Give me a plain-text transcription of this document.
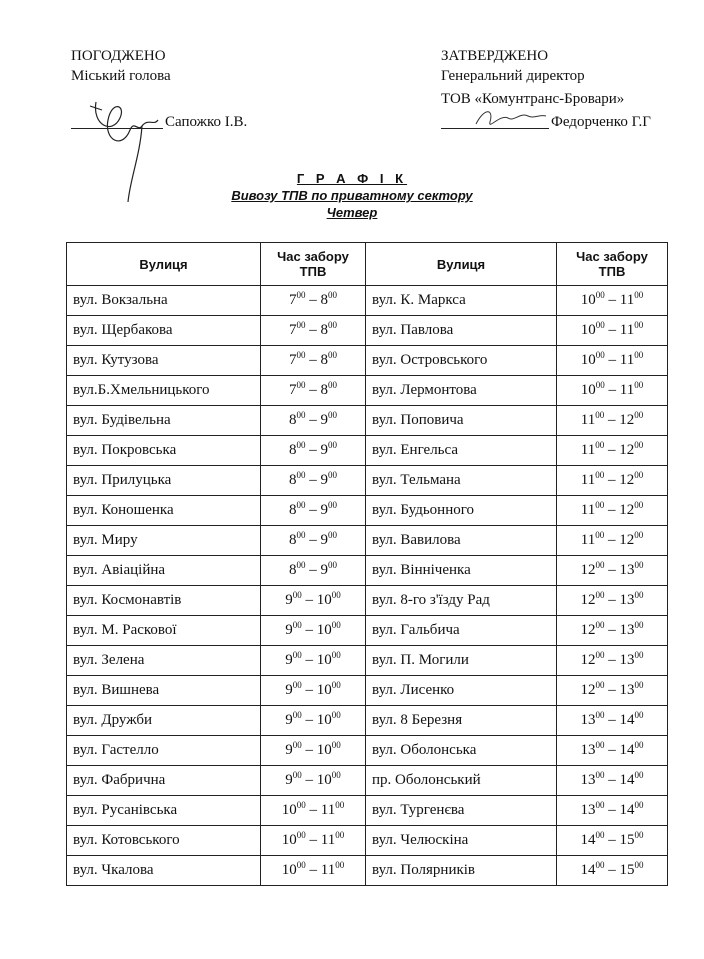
ПОГОДЖЕНО
Міський голова
Сапожко І.В.
ЗАТВЕРДЖЕНО
Генеральний директор
ТОВ «Комунтранс-Бровари»
Федорченко Г.Г
Г Р А Ф І К
Вивозу ТПВ по приватному сектору
Четвер
Вулиця	Час забору ТПВ	Вулиця	Час забору ТПВ
вул. Вокзальна	$7^{00} - 8^{00}$	вул. К. Маркса	$10^{00} - 11^{00}$
вул. Щербакова	$7^{00} - 8^{00}$	вул. Павлова	$10^{00} - 11^{00}$
вул. Кутузова	$7^{00} - 8^{00}$	вул. Островського	$10^{00} - 11^{00}$
вул.Б.Хмельницького	$7^{00} - 8^{00}$	вул. Лермонтова	$10^{00} - 11^{00}$
вул. Будівельна	$8^{00} - 9^{00}$	вул. Поповича	$11^{00} - 12^{00}$
вул. Покровська	$8^{00} - 9^{00}$	вул. Енгельса	$11^{00} - 12^{00}$
вул. Прилуцька	$8^{00} - 9^{00}$	вул. Тельмана	$11^{00} - 12^{00}$
вул. Коношенка	$8^{00} - 9^{00}$	вул. Будьонного	$11^{00} - 12^{00}$
вул. Миру	$8^{00} - 9^{00}$	вул. Вавилова	$11^{00} - 12^{00}$
вул. Авіаційна	$8^{00} - 9^{00}$	вул. Вінніченка	$12^{00} - 13^{00}$
вул. Космонавтів	$9^{00} - 10^{00}$	вул. 8-го з'їзду Рад	$12^{00} - 13^{00}$
вул. М. Раскової	$9^{00} - 10^{00}$	вул. Гальбича	$12^{00} - 13^{00}$
вул. Зелена	$9^{00} - 10^{00}$	вул. П. Могили	$12^{00} - 13^{00}$
вул. Вишнева	$9^{00} - 10^{00}$	вул. Лисенко	$12^{00} - 13^{00}$
вул. Дружби	$9^{00} - 10^{00}$	вул. 8 Березня	$13^{00} - 14^{00}$
вул. Гастелло	$9^{00} - 10^{00}$	вул. Оболонська	$13^{00} - 14^{00}$
вул. Фабрична	$9^{00} - 10^{00}$	пр. Оболонський	$13^{00} - 14^{00}$
вул. Русанівська	$10^{00} - 11^{00}$	вул. Тургенєва	$13^{00} - 14^{00}$
вул. Котовського	$10^{00} - 11^{00}$	вул. Челюскіна	$14^{00} - 15^{00}$
вул. Чкалова	$10^{00} - 11^{00}$	вул. Полярників	$14^{00} - 15^{00}$
